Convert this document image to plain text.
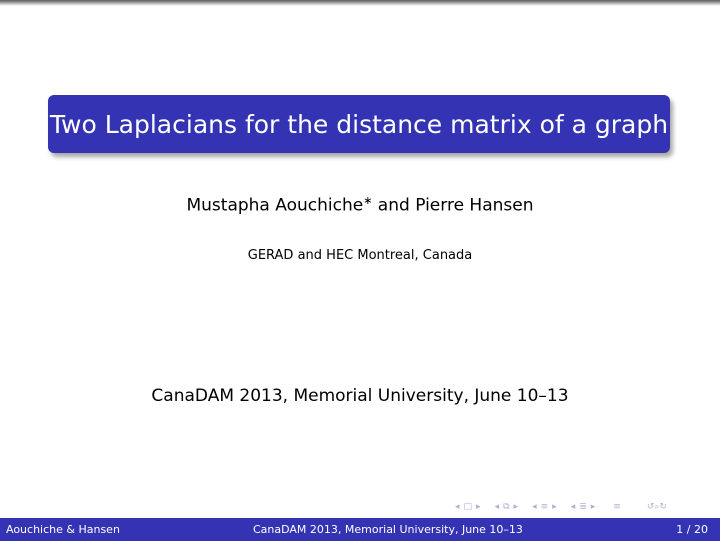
Two Laplacians for the distance matrix of a graph
Mustapha Aouchiche∗ and Pierre Hansen
GERAD and HEC Montreal, Canada
CanaDAM 2013, Memorial University, June 10–13
◂ □ ▸ ◂ ⧉ ▸ ◂ ≡ ▸ ◂ ≣ ▸ ≡	↺⌕↻
Aouchiche & Hansen	CanaDAM 2013, Memorial University, June 10–13	1 / 20
